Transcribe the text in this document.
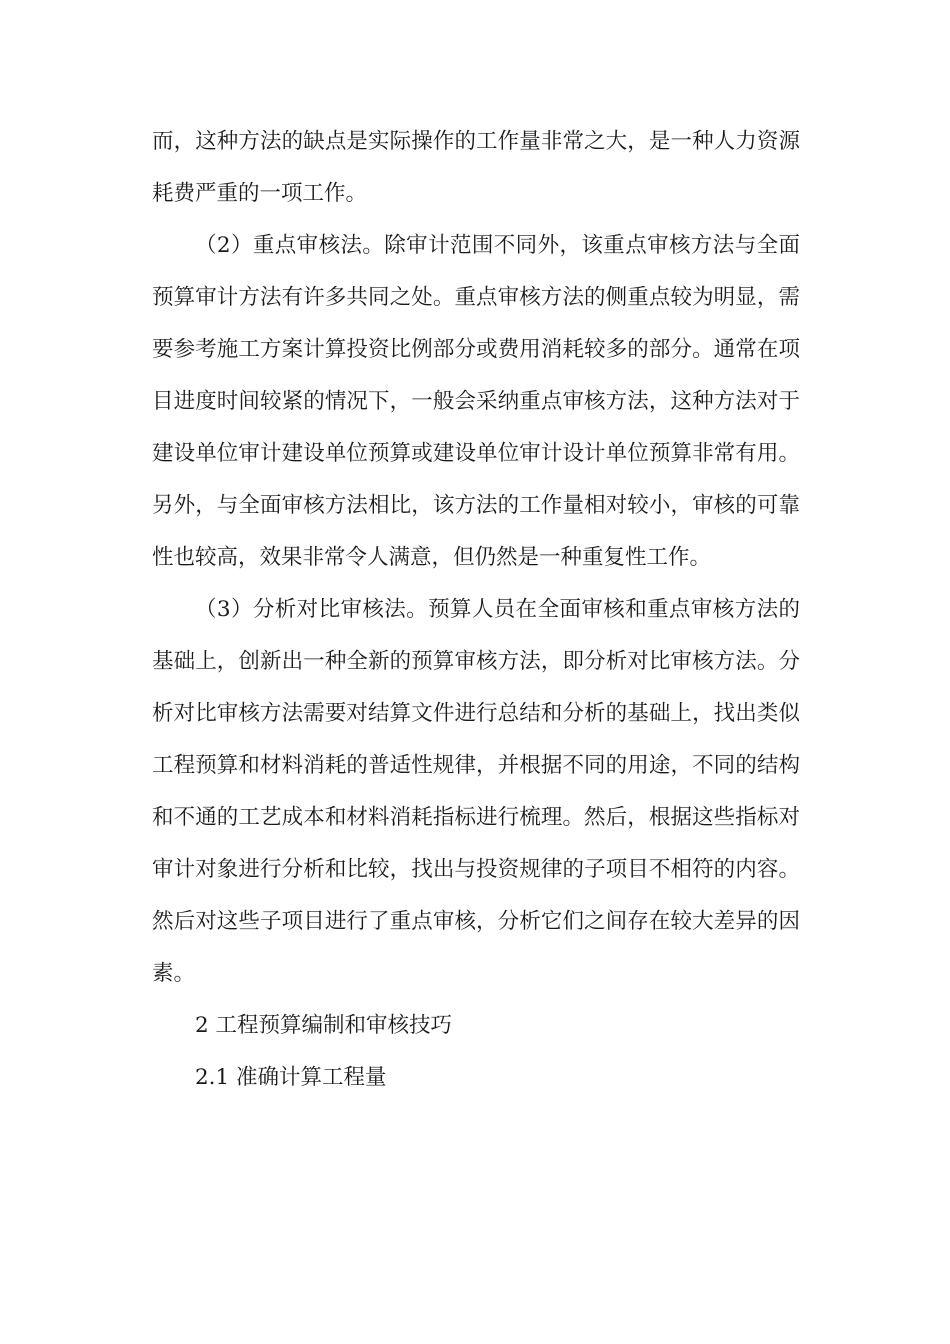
而，这种方法的缺点是实际操作的工作量非常之大，是一种人力资源耗费严重的一项工作。

（2）重点审核法。除审计范围不同外，该重点审核方法与全面预算审计方法有许多共同之处。重点审核方法的侧重点较为明显，需要参考施工方案计算投资比例部分或费用消耗较多的部分。通常在项目进度时间较紧的情况下，一般会采纳重点审核方法，这种方法对于建设单位审计建设单位预算或建设单位审计设计单位预算非常有用。另外，与全面审核方法相比，该方法的工作量相对较小，审核的可靠性也较高，效果非常令人满意，但仍然是一种重复性工作。

（3）分析对比审核法。预算人员在全面审核和重点审核方法的基础上，创新出一种全新的预算审核方法，即分析对比审核方法。分析对比审核方法需要对结算文件进行总结和分析的基础上，找出类似工程预算和材料消耗的普适性规律，并根据不同的用途，不同的结构和不通的工艺成本和材料消耗指标进行梳理。然后，根据这些指标对审计对象进行分析和比较，找出与投资规律的子项目不相符的内容。然后对这些子项目进行了重点审核，分析它们之间存在较大差异的因素。

2 工程预算编制和审核技巧

2.1 准确计算工程量
